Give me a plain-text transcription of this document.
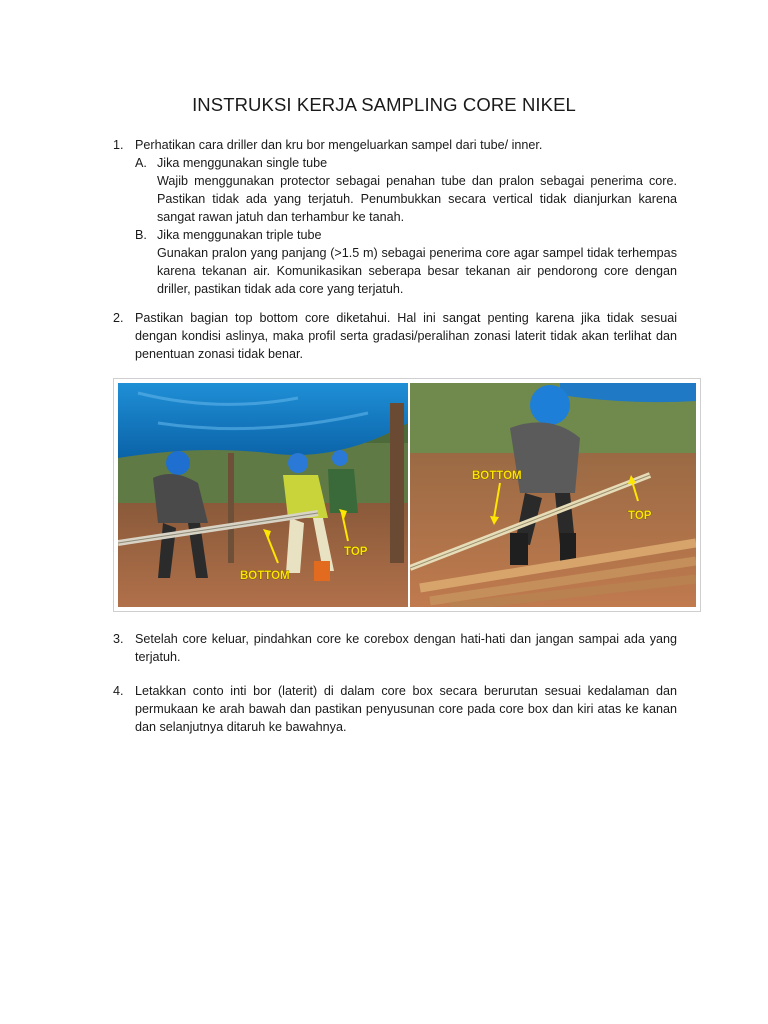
INSTRUKSI KERJA SAMPLING CORE NIKEL
1. Perhatikan cara driller dan kru bor mengeluarkan sampel dari tube/ inner.
A. Jika menggunakan single tube
Wajib menggunakan protector sebagai penahan tube dan pralon sebagai penerima core. Pastikan tidak ada yang terjatuh. Penumbukkan secara vertical tidak dianjurkan karena sangat rawan jatuh dan terhambur ke tanah.
B. Jika menggunakan triple tube
Gunakan pralon yang panjang (>1.5 m) sebagai penerima core agar sampel tidak terhempas karena tekanan air. Komunikasikan seberapa besar tekanan air pendorong core dengan driller, pastikan tidak ada core yang terjatuh.
2. Pastikan bagian top bottom core diketahui. Hal ini sangat penting karena jika tidak sesuai dengan kondisi aslinya, maka profil serta gradasi/peralihan zonasi laterit tidak akan terlihat dan penentuan zonasi tidak benar.
TOP
BOTTOM
BOTTOM
TOP
3. Setelah core keluar, pindahkan core ke corebox dengan hati-hati dan jangan sampai ada yang terjatuh.
4. Letakkan conto inti bor (laterit) di dalam core box secara berurutan sesuai kedalaman dan permukaan ke arah bawah dan pastikan penyusunan core pada core box dan kiri atas ke kanan dan selanjutnya ditaruh ke bawahnya.
